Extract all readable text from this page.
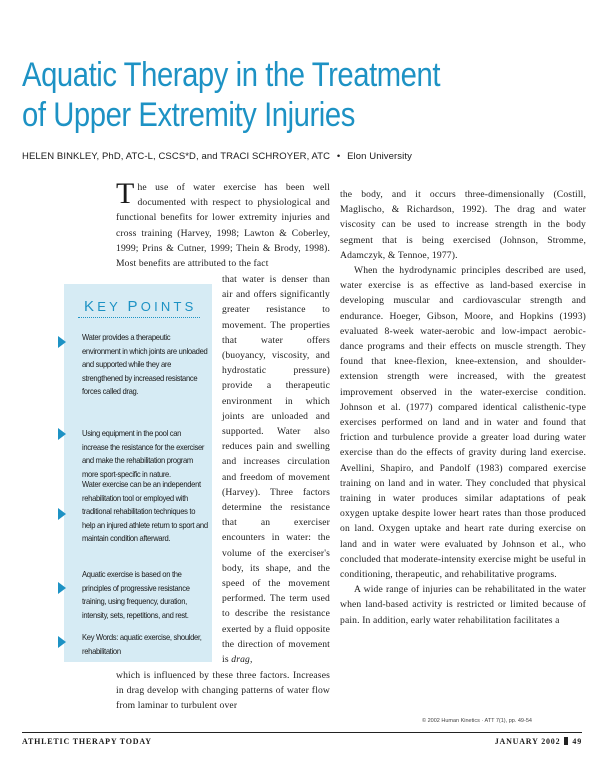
Aquatic Therapy in the Treatment
of Upper Extremity Injuries
HELEN BINKLEY, PhD, ATC-L, CSCS*D, and TRACI SCHROYER, ATC • Elon University

The use of water exercise has been well documented with respect to physiological and functional benefits for lower extremity injuries and cross training (Harvey, 1998; Lawton & Coberley, 1999; Prins & Cutner, 1999; Thein & Brody, 1998). Most benefits are attributed to the fact

that water is denser than air and offers significantly greater resistance to movement. The properties that water offers (buoyancy, viscosity, and hydrostatic pressure) provide a therapeutic environment in which joints are unloaded and supported. Water also reduces pain and swelling and increases circulation and freedom of movement (Harvey). Three factors determine the resistance that an exerciser encounters in water: the volume of the exerciser's body, its shape, and the speed of the movement performed. The term used to describe the resistance exerted by a fluid opposite the direction of movement is drag,

which is influenced by these three factors. Increases in drag develop with changing patterns of water flow from laminar to turbulent over

the body, and it occurs three-dimensionally (Costill, Maglischo, & Richardson, 1992). The drag and water viscosity can be used to increase strength in the body segment that is being exercised (Johnson, Stromme, Adamczyk, & Tennoe, 1977).

When the hydrodynamic principles described are used, water exercise is as effective as land-based exercise in developing muscular and cardiovascular strength and endurance. Hoeger, Gibson, Moore, and Hopkins (1993) evaluated 8-week water-aerobic and low-impact aerobic-dance programs and their effects on muscle strength. They found that knee-flexion, knee-extension, and shoulder-extension strength were increased, with the greatest improvement observed in the water-exercise condition. Johnson et al. (1977) compared identical calisthenic-type exercises performed on land and in water and found that friction and turbulence provide a greater load during water exercise than do the effects of gravity during land exercise. Avellini, Shapiro, and Pandolf (1983) compared exercise training on land and in water. They concluded that physical training in water produces similar adaptations of peak oxygen uptake despite lower heart rates than those produced on land. Oxygen uptake and heart rate during exercise on land and in water were evaluated by Johnson et al., who concluded that moderate-intensity exercise might be useful in conditioning, therapeutic, and rehabilitative programs.

A wide range of injuries can be rehabilitated in the water when land-based activity is restricted or limited because of pain. In addition, early water rehabilitation facilitates a

KEY POINTS
Water provides a therapeutic environment in which joints are unloaded and supported while they are strengthened by increased resistance forces called drag.
Using equipment in the pool can increase the resistance for the exerciser and make the rehabilitation program more sport-specific in nature.
Water exercise can be an independent rehabilitation tool or employed with traditional rehabilitation techniques to help an injured athlete return to sport and maintain condition afterward.
Aquatic exercise is based on the principles of progressive resistance training, using frequency, duration, intensity, sets, repetitions, and rest.
Key Words: aquatic exercise, shoulder, rehabilitation
© 2002 Human Kinetics · ATT 7(1), pp. 49-54
ATHLETIC THERAPY TODAY	JANUARY 2002 49
